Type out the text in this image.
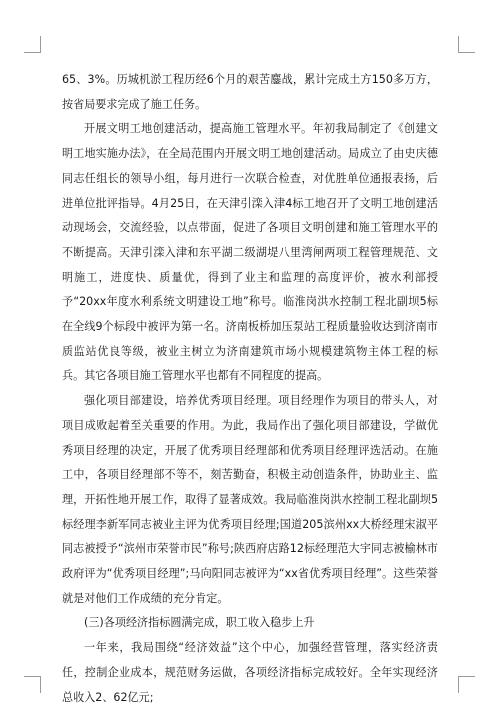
65、3%。历城机淤工程历经6个月的艰苦鏖战，累计完成土方150多万方，按省局要求完成了施工任务。

开展文明工地创建活动，提高施工管理水平。年初我局制定了《创建文明工地实施办法》，在全局范围内开展文明工地创建活动。局成立了由史庆德同志任组长的领导小组，每月进行一次联合检查，对优胜单位通报表扬，后进单位批评指导。4月25日，在天津引滦入津4标工地召开了文明工地创建活动现场会，交流经验，以点带面，促进了各项目文明创建和施工管理水平的不断提高。天津引滦入津和东平湖二级湖堤八里湾闸两项工程管理规范、文明施工，进度快、质量优，得到了业主和监理的高度评价，被水利部授予“20xx年度水利系统文明建设工地”称号。临淮岗洪水控制工程北副坝5标在全线9个标段中被评为第一名。济南板桥加压泵站工程质量验收达到济南市质监站优良等级，被业主树立为济南建筑市场小规模建筑物主体工程的标兵。其它各项目施工管理水平也都有不同程度的提高。

强化项目部建设，培养优秀项目经理。项目经理作为项目的带头人，对项目成败起着至关重要的作用。为此，我局作出了强化项目部建设，学做优秀项目经理的决定，开展了优秀项目经理部和优秀项目经理评选活动。在施工中，各项目经理部不等不，刻苦勤奋，积极主动创造条件，协助业主、监理，开拓性地开展工作，取得了显著成效。我局临淮岗洪水控制工程北副坝5标经理李新军同志被业主评为优秀项目经理;国道205滨州xx大桥经理宋淑平同志被授予“滨州市荣誉市民”称号;陕西府店路12标经理范大宇同志被榆林市政府评为“优秀项目经理”;马向阳同志被评为“xx省优秀项目经理”。这些荣誉就是对他们工作成绩的充分肯定。

(三)各项经济指标圆满完成，职工收入稳步上升

一年来，我局围绕“经济效益”这个中心，加强经营管理，落实经济责任，控制企业成本，规范财务运做，各项经济指标完成较好。全年实现经济总收入2、62亿元;
